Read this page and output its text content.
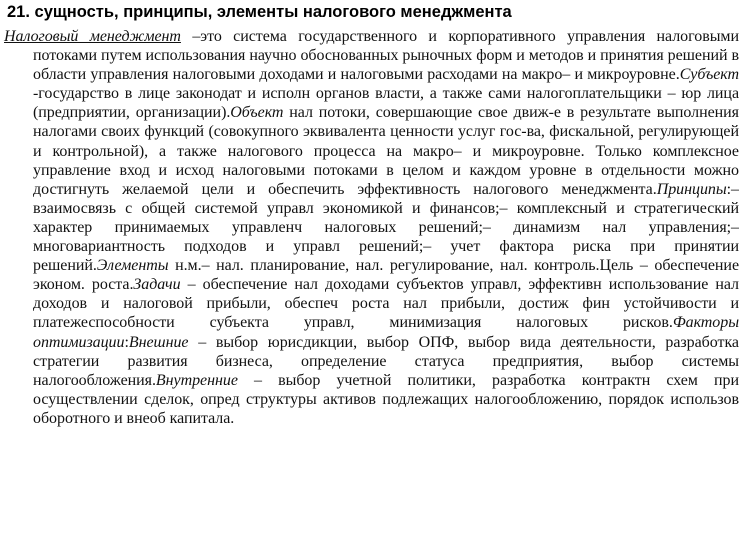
21. сущность, принципы, элементы налогового менеджмента

Налоговый менеджмент –это система государственного и корпоративного управления налоговыми потоками путем использования научно обоснованных рыночных форм и методов и принятия решений в области управления налоговыми доходами и налоговыми расходами на макро– и микроуровне.Субъект -государство в лице законодат и исполн органов власти, а также сами налогоплательщики – юр лица (предприятии, организации).Объект нал потоки, совершающие свое движ-е в результате выполнения налогами своих функций (совокупного эквивалента ценности услуг гос-ва, фискальной, регулирующей и контрольной), а также налогового процесса на макро– и микроуровне. Только комплексное управление вход и исход налоговыми потоками в целом и каждом уровне в отдельности можно достигнуть желаемой цели и обеспечить эффективность налогового менеджмента.Принципы:– взаимосвязь с общей системой управл экономикой и финансов;– комплексный и стратегический характер принимаемых управленч налоговых решений;– динамизм нал управления;– многовариантность подходов и управл решений;– учет фактора риска при принятии решений.Элементы н.м.– нал. планирование, нал. регулирование, нал. контроль.Цель – обеспечение эконом. роста.Задачи – обеспечение нал доходами субъектов управл, эффективн использование нал доходов и налоговой прибыли, обеспеч роста нал прибыли, достиж фин устойчивости и платежеспособности субъекта управл, минимизация налоговых рисков.Факторы оптимизации:Внешние – выбор юрисдикции, выбор ОПФ, выбор вида деятельности, разработка стратегии развития бизнеса, определение статуса предприятия, выбор системы налогообложения.Внутренние – выбор учетной политики, разработка контрактн схем при осуществлении сделок, опред структуры активов подлежащих налогообложению, порядок использов оборотного и внеоб капитала.
